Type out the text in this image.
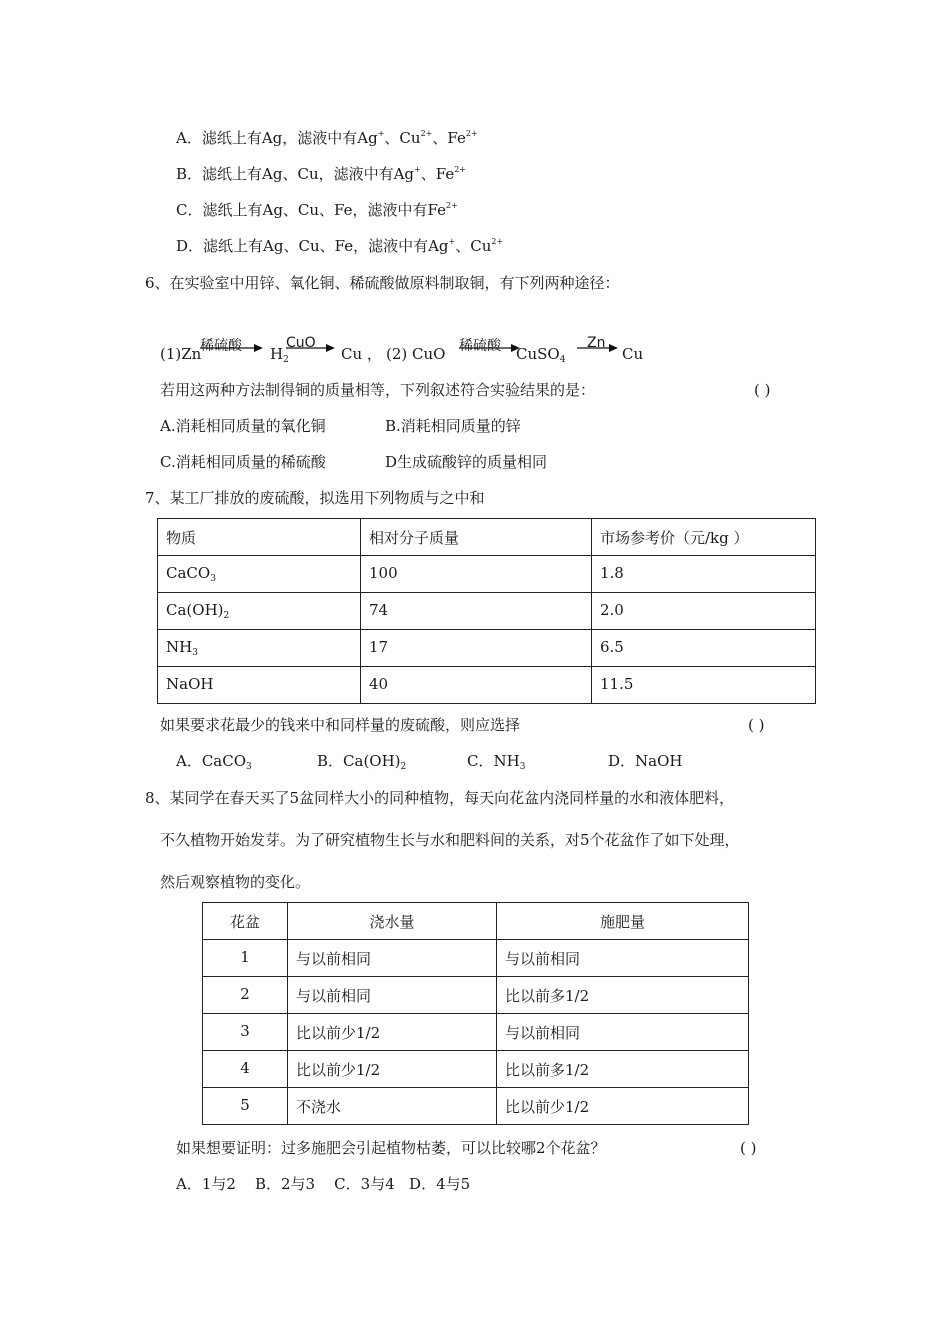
A．滤纸上有Ag，滤液中有Ag+、$Cu^{2+}$、$Fe^{2+}$
B．滤纸上有Ag、Cu，滤液中有Ag+、$Fe^{2+}$
C．滤纸上有Ag、Cu、Fe，滤液中有$Fe^{2+}$
D．滤纸上有Ag、Cu、Fe，滤液中有Ag+、$Cu^{2+}$
6、在实验室中用锌、氧化铜、稀硫酸做原料制取铜，有下列两种途径：
(1)Zn
稀硫酸 $H_2$
CuO
Cu ， (2) CuO 稀硫酸 CuSO$_4$
Zn
Cu
若用这两种方法制得铜的质量相等，下列叙述符合实验结果的是：	( )
A.消耗相同质量的氧化铜	B.消耗相同质量的锌
C.消耗相同质量的稀硫酸	D生成硫酸锌的质量相同
7、某工厂排放的废硫酸，拟选用下列物质与之中和
物质	相对分子质量	市场参考价（元/kg ）
CaCO$_3$	100	1.8
$Ca(OH)_2$	74	2.0
$NH_3$	17	6.5
NaOH	40	11.5
如果要求花最少的钱来中和同样量的废硫酸，则应选择	( )
A．CaCO$_3$	B．$Ca(OH)_2$	C．$NH_3$	D．NaOH
8、某同学在春天买了5盆同样大小的同种植物，每天向花盆内浇同样量的水和液体肥料，
不久植物开始发芽。为了研究植物生长与水和肥料间的关系，对5个花盆作了如下处理，
然后观察植物的变化。
花盆	浇水量	施肥量
1	与以前相同	与以前相同
2	与以前相同	比以前多1/2
3	比以前少1/2	与以前相同
4	比以前少1/2	比以前多1/2
5	不浇水	比以前少1/2
如果想要证明：过多施肥会引起植物枯萎，可以比较哪2个花盆？	( )
A．1与2    B．2与3    C．3与4   D．4与5
